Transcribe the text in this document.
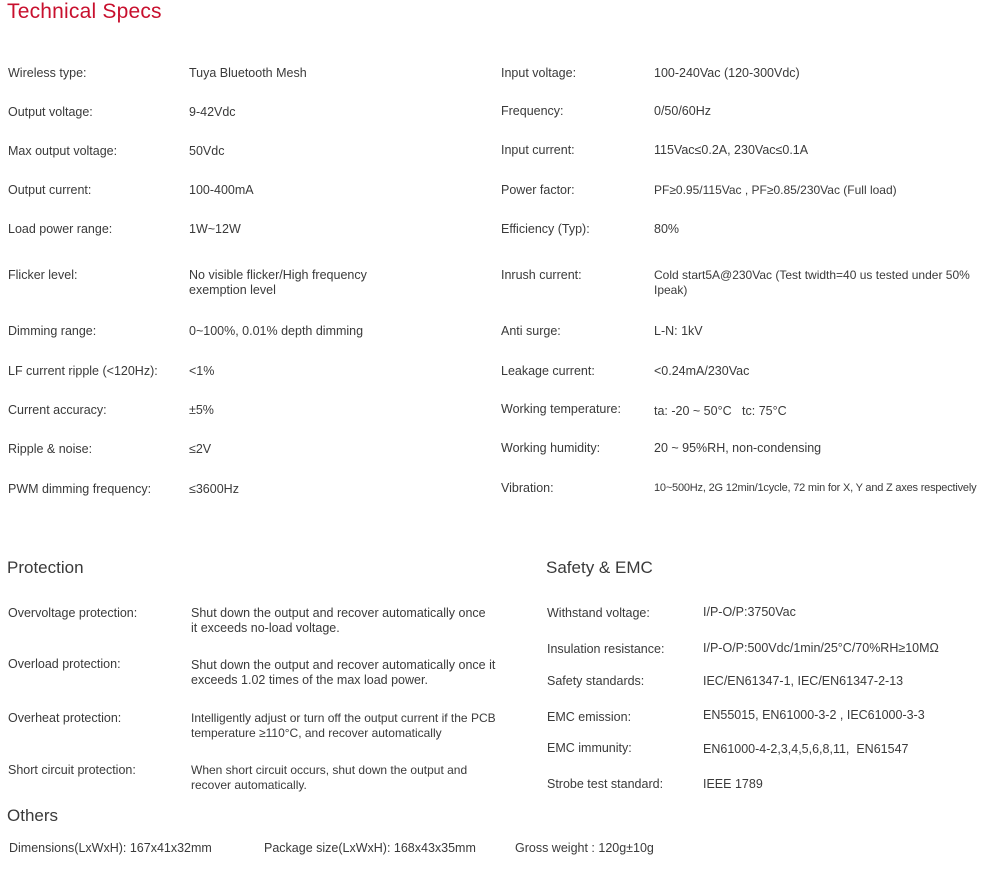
Technical Specs
Wireless type:	Tuya Bluetooth Mesh
Output voltage:	9-42Vdc
Max output voltage:	50Vdc
Output current:	100-400mA
Load power range:	1W~12W
Flicker level:	No visible flicker/High frequency exemption level
Dimming range:	0~100%, 0.01% depth dimming
LF current ripple (<120Hz):	<1%
Current accuracy:	±5%
Ripple & noise:	≤2V
PWM dimming frequency:	≤3600Hz
Input voltage:	100-240Vac (120-300Vdc)
Frequency:	0/50/60Hz
Input current:	115Vac≤0.2A, 230Vac≤0.1A
Power factor:	PF≥0.95/115Vac , PF≥0.85/230Vac (Full load)
Efficiency (Typ):	80%
Inrush current:	Cold start5A@230Vac (Test twidth=40 us tested under 50% Ipeak)
Anti surge:	L-N: 1kV
Leakage current:	<0.24mA/230Vac
Working temperature:	ta: -20 ~ 50°C   tc: 75°C
Working humidity:	20 ~ 95%RH, non-condensing
Vibration:	10~500Hz, 2G 12min/1cycle, 72 min for X, Y and Z axes respectively
Protection
Overvoltage protection:	Shut down the output and recover automatically once it exceeds no-load voltage.
Overload protection:	Shut down the output and recover automatically once it exceeds 1.02 times of the max load power.
Overheat protection:	Intelligently adjust or turn off the output current if the PCB temperature ≥110°C, and recover automatically
Short circuit protection:	When short circuit occurs, shut down the output and recover automatically.
Safety & EMC
Withstand voltage:	I/P-O/P:3750Vac
Insulation resistance:	I/P-O/P:500Vdc/1min/25°C/70%RH≥10MΩ
Safety standards:	IEC/EN61347-1, IEC/EN61347-2-13
EMC emission:	EN55015, EN61000-3-2 , IEC61000-3-3
EMC immunity:	EN61000-4-2,3,4,5,6,8,11,  EN61547
Strobe test standard:	IEEE 1789
Others
Dimensions(LxWxH): 167x41x32mm	Package size(LxWxH): 168x43x35mm	Gross weight : 120g±10g
